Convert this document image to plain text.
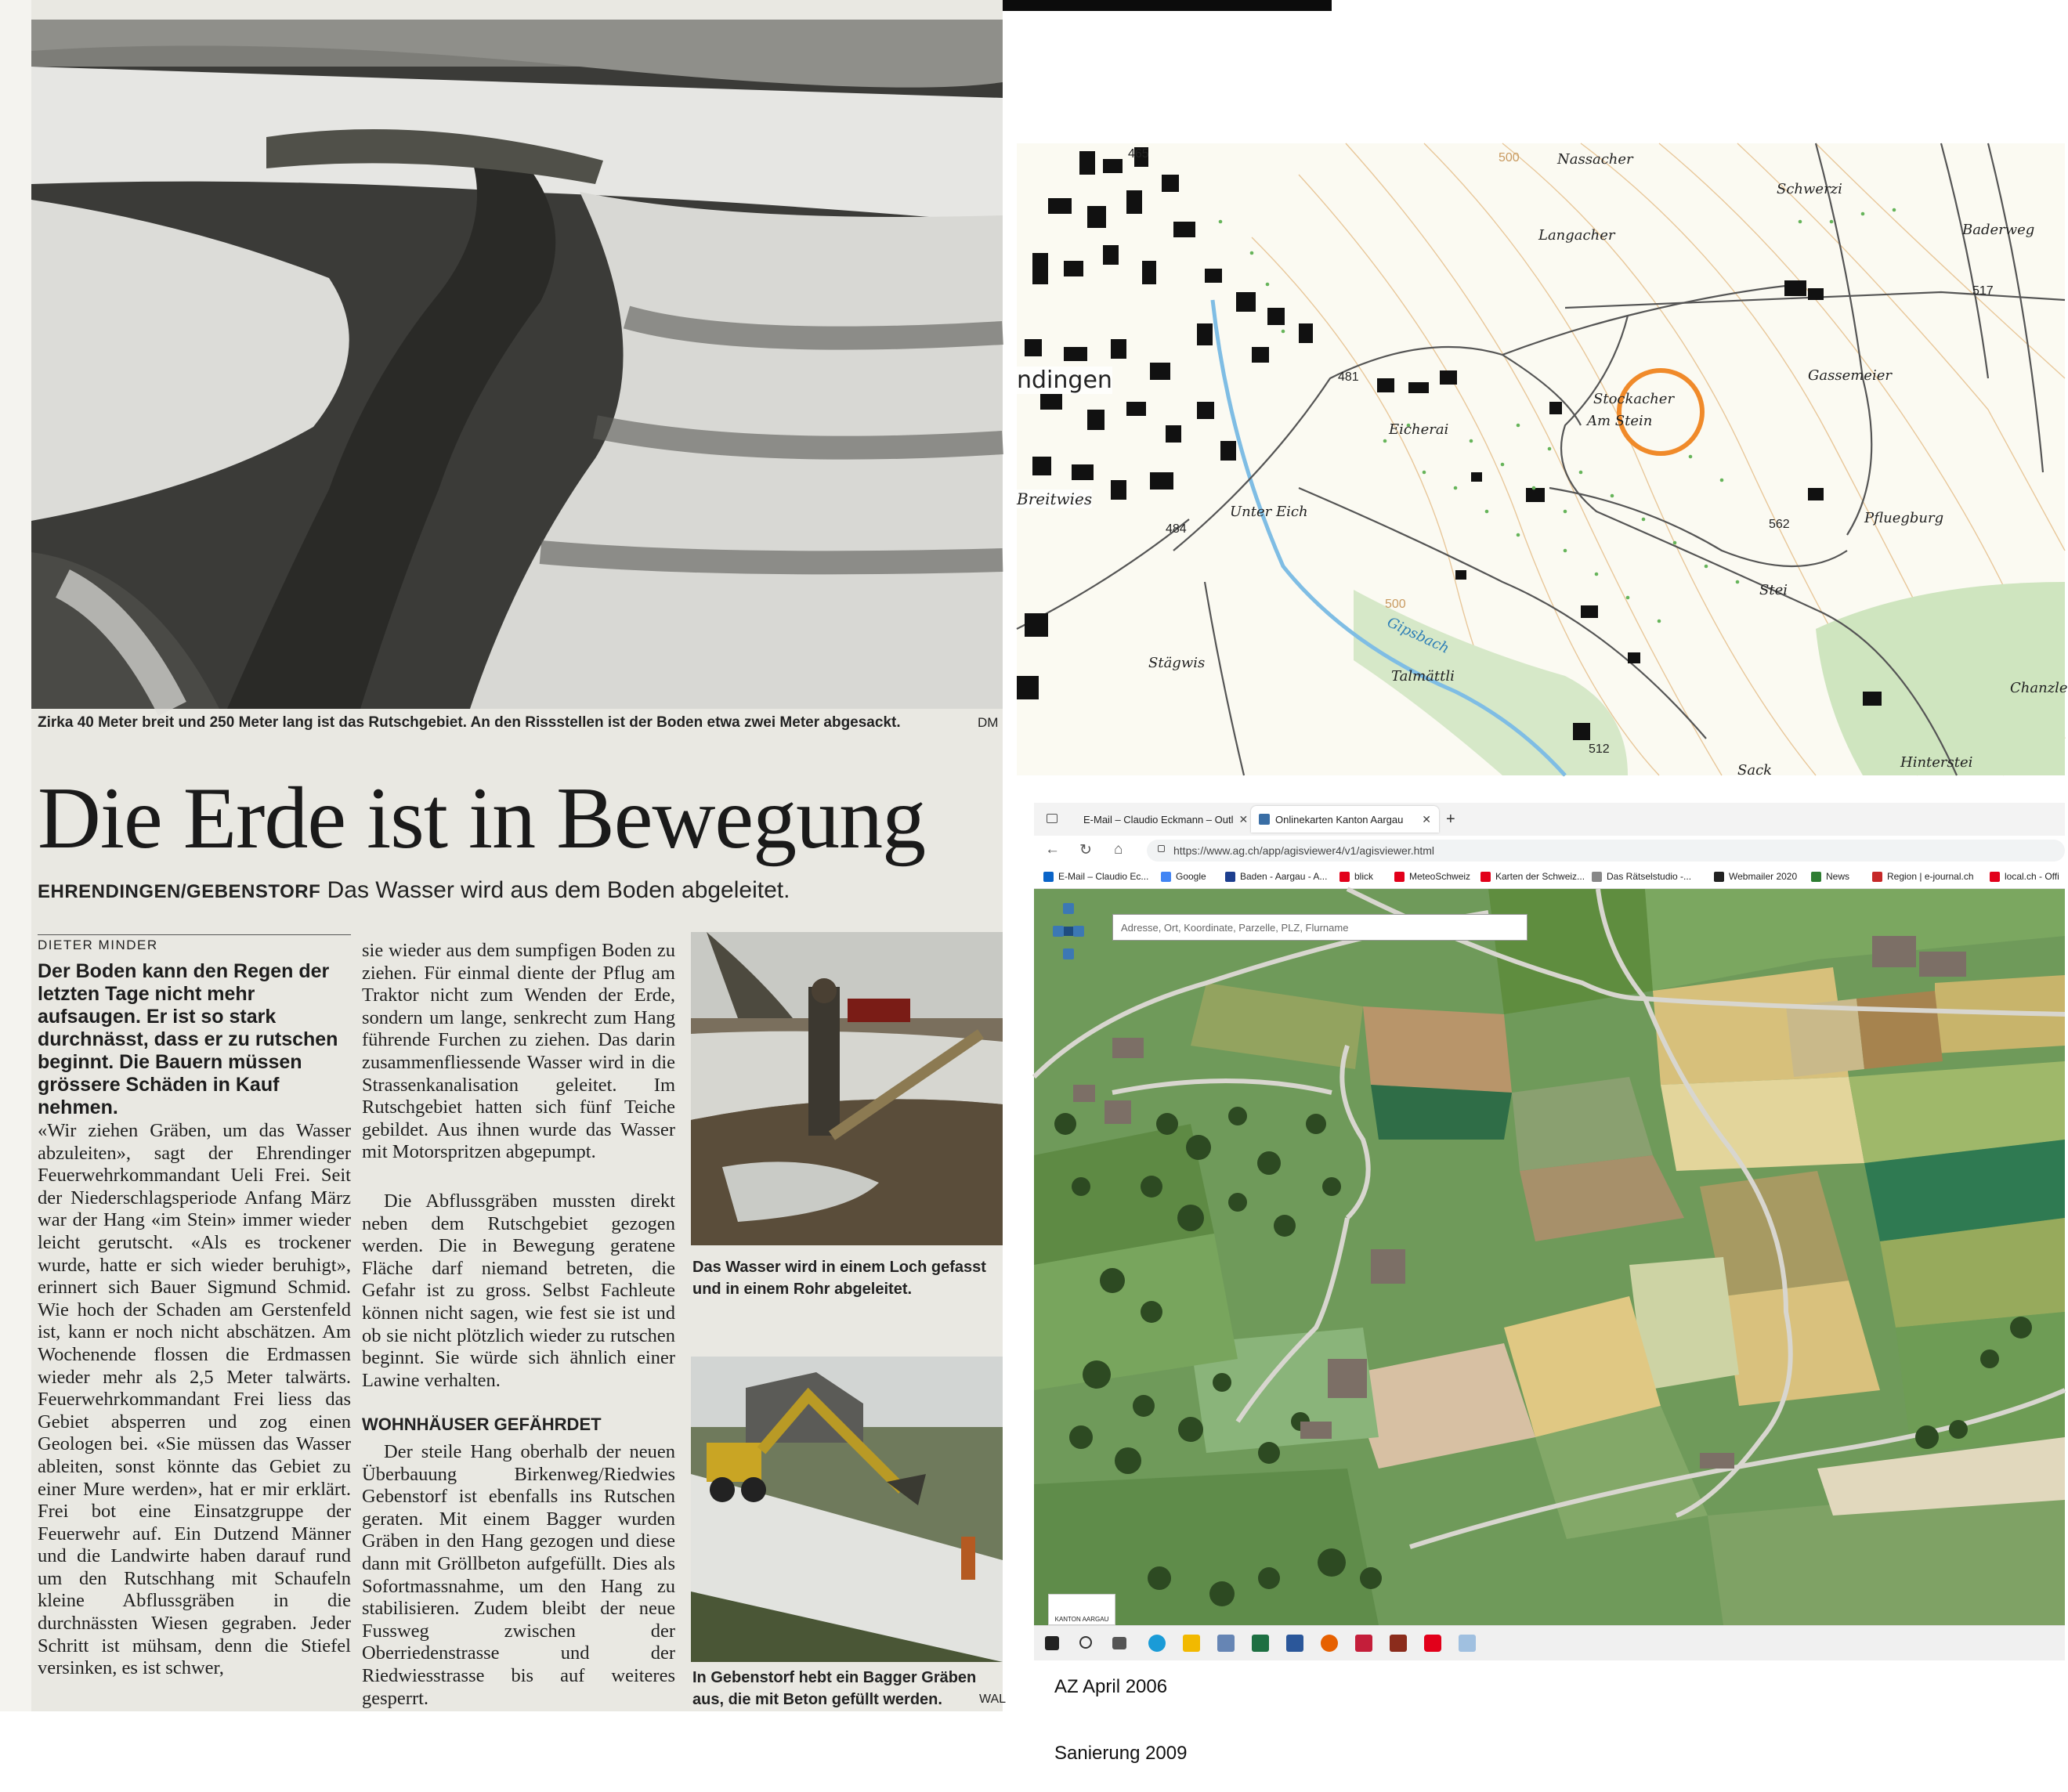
Zirka 40 Meter breit und 250 Meter lang ist das Rutschgebiet. An den Rissstellen ist der Boden etwa zwei Meter abgesackt.	DM
Die Erde ist in Bewegung
EHRENDINGEN/GEBENSTORF Das Wasser wird aus dem Boden abgeleitet.
DIETER MINDER
Der Boden kann den Regen der letzten Tage nicht mehr aufsaugen. Er ist so stark durchnässt, dass er zu rutschen beginnt. Die Bauern müssen grössere Schäden in Kauf nehmen.

«Wir ziehen Gräben, um das Wasser abzuleiten», sagt der Ehrendinger Feuerwehrkommandant Ueli Frei. Seit der Niederschlagsperiode Anfang März war der Hang «im Stein» immer wieder leicht gerutscht. «Als es trockener wurde, hatte er sich wieder beruhigt», erinnert sich Bauer Sigmund Schmid. Wie hoch der Schaden am Gerstenfeld ist, kann er noch nicht abschätzen. Am Wochenende flossen die Erdmassen wieder mehr als 2,5 Meter talwärts. Feuerwehrkommandant Frei liess das Gebiet absperren und zog einen Geologen bei. «Sie müssen das Wasser ableiten, sonst könnte das Gebiet zu einer Mure werden», hat er mir erklärt. Frei bot eine Einsatzgruppe der Feuerwehr auf. Ein Dutzend Männer und die Landwirte haben darauf rund um den Rutschhang mit Schaufeln kleine Abflussgräben in die durchnässten Wiesen gegraben. Jeder Schritt ist mühsam, denn die Stiefel versinken, es ist schwer,

sie wieder aus dem sumpfigen Boden zu ziehen. Für einmal diente der Pflug am Traktor nicht zum Wenden der Erde, sondern um lange, senkrecht zum Hang führende Furchen zu ziehen. Das darin zusammenfliessende Wasser wird in die Strassenkanalisation geleitet. Im Rutschgebiet hatten sich fünf Teiche gebildet. Aus ihnen wurde das Wasser mit Motorspritzen abgepumpt.

Die Abflussgräben mussten direkt neben dem Rutschgebiet gezogen werden. Die in Bewegung geratene Fläche darf niemand betreten, die Gefahr ist zu gross. Selbst Fachleute können nicht sagen, wie fest sie ist und ob sie nicht plötzlich wieder zu rutschen beginnt. Sie würde sich ähnlich einer Lawine verhalten.

WOHNHÄUSER GEFÄHRDET

Der steile Hang oberhalb der neuen Überbauung Birkenweg/Riedwies Gebenstorf ist ebenfalls ins Rutschen geraten. Mit einem Bagger wurden Gräben in den Hang gezogen und diese dann mit Gröllbeton aufgefüllt. Dies als Sofortmassnahme, um den Hang zu stabilisieren. Zudem bleibt der neue Fussweg zwischen der Oberriedenstrasse und der Riedwiesstrasse bis auf weiteres gesperrt.

Das Wasser wird in einem Loch gefasst und in einem Rohr abgeleitet.
In Gebenstorf hebt ein Bagger Gräben aus, die mit Beton gefüllt werden.	WAL
Nassacher
Schwerzi
Baderweg
Langacher
Gassemeier
Stockacher
Am Stein
Eicherai
ndingen
Breitwies
Unter Eich	Pfluegburg
Stei
Stägwis
Gipsbach
Talmättli
Chanzle
Hinterstei
Sack
465
481
484
517
562
512
500
500
E-Mail – Claudio Eckmann – Outl ✕	Onlinekarten Kanton Aargau ✕ +
← ↻ ⌂	https://www.ag.ch/app/agisviewer4/v1/agisviewer.html
E-Mail – Claudio Ec...	Google	Baden - Aargau - A...	blick	MeteoSchweiz	Karten der Schweiz... Das Rätselstudio -...	Webmailer 2020	News	Region | e-journal.ch	local.ch - Offi
Adresse, Ort, Koordinate, Parzelle, PLZ, Flurname
KANTON AARGAU
AZ April 2006
Sanierung 2009
